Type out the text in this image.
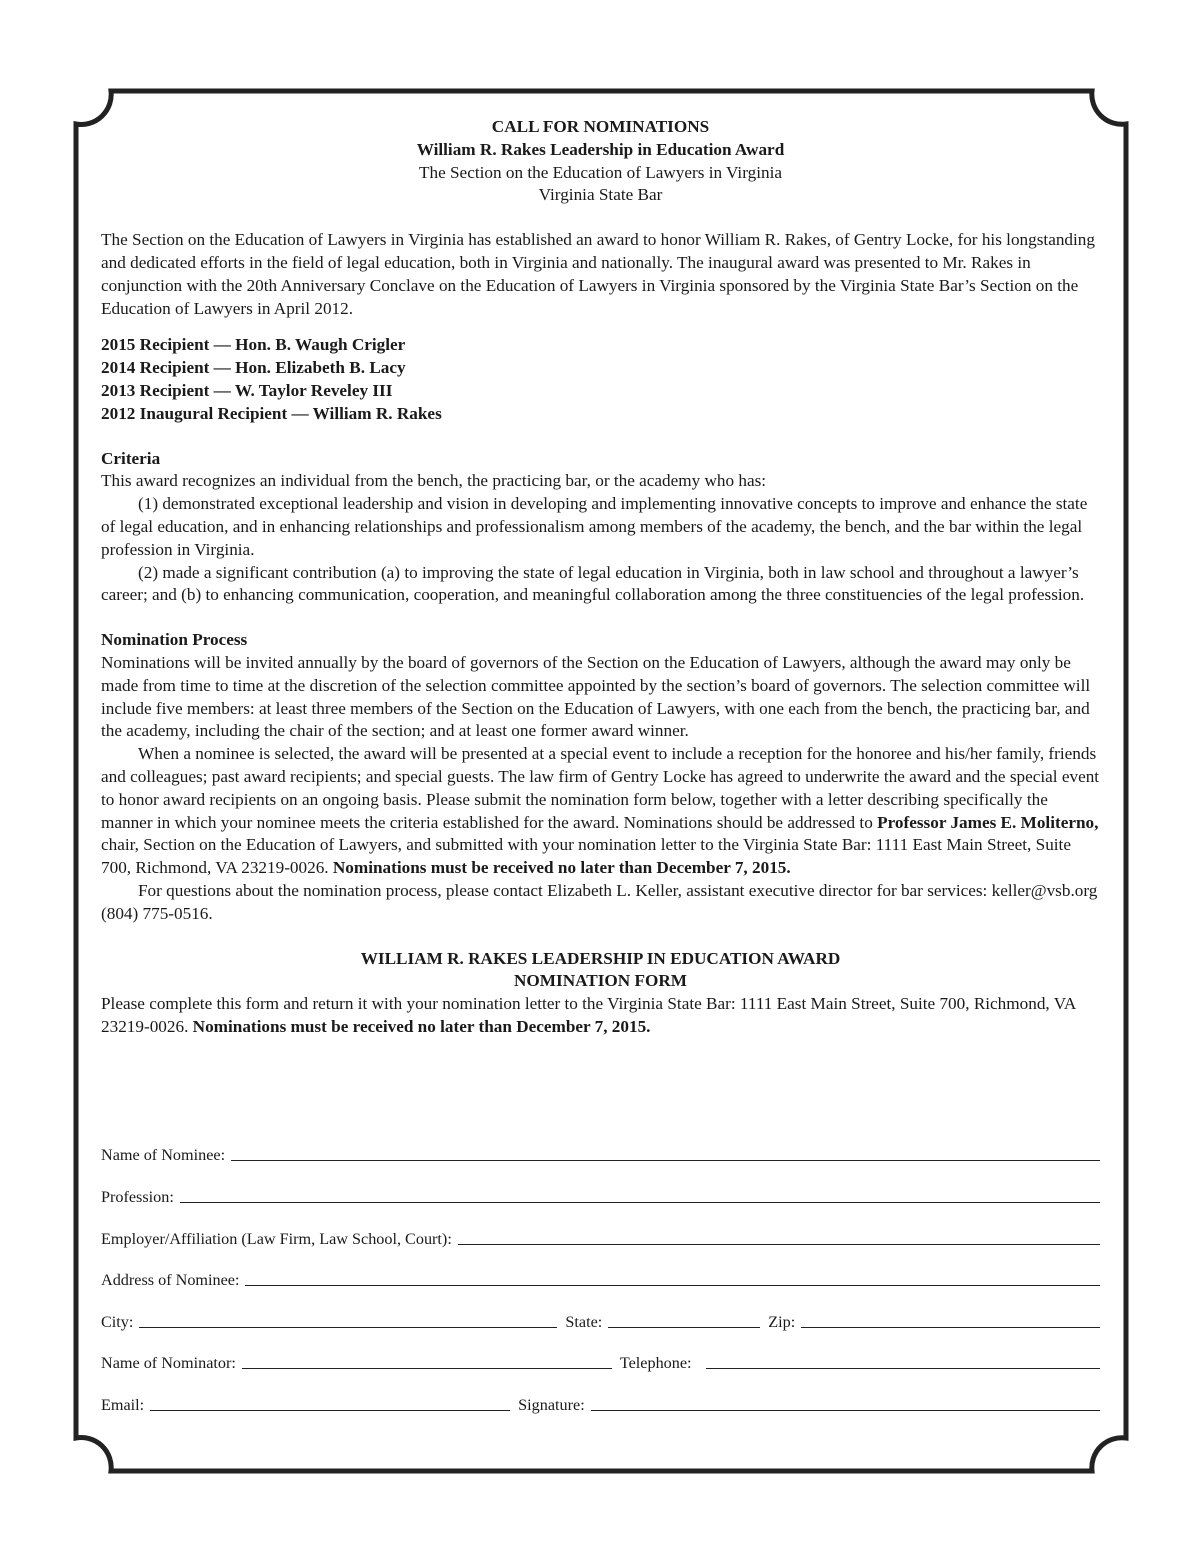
CALL FOR NOMINATIONS

William R. Rakes Leadership in Education Award

The Section on the Education of Lawyers in Virginia

Virginia State Bar

The Section on the Education of Lawyers in Virginia has established an award to honor William R. Rakes, of Gentry Locke, for his longstanding and dedicated efforts in the field of legal education, both in Virginia and nationally. The inaugural award was presented to Mr. Rakes in conjunction with the 20th Anniversary Conclave on the Education of Lawyers in Virginia sponsored by the Virginia State Bar’s Section on the Education of Lawyers in April 2012.

2015 Recipient — Hon. B. Waugh Crigler

2014 Recipient — Hon. Elizabeth B. Lacy

2013 Recipient — W. Taylor Reveley III

2012 Inaugural Recipient — William R. Rakes

Criteria

This award recognizes an individual from the bench, the practicing bar, or the academy who has:

(1) demonstrated exceptional leadership and vision in developing and implementing innovative concepts to improve and enhance the state of legal education, and in enhancing relationships and professionalism among members of the academy, the bench, and the bar within the legal profession in Virginia.

(2) made a significant contribution (a) to improving the state of legal education in Virginia, both in law school and throughout a lawyer’s career; and (b) to enhancing communication, cooperation, and meaningful collaboration among the three constituencies of the legal profession.

Nomination Process

Nominations will be invited annually by the board of governors of the Section on the Education of Lawyers, although the award may only be made from time to time at the discretion of the selection committee appointed by the section’s board of governors. The selection committee will include five members: at least three members of the Section on the Education of Lawyers, with one each from the bench, the practicing bar, and the academy, including the chair of the section; and at least one former award winner.

When a nominee is selected, the award will be presented at a special event to include a reception for the honoree and his/her family, friends and colleagues; past award recipients; and special guests. The law firm of Gentry Locke has agreed to underwrite the award and the special event to honor award recipients on an ongoing basis. Please submit the nomination form below, together with a letter describing specifically the manner in which your nominee meets the criteria established for the award. Nominations should be addressed to Professor James E. Moliterno, chair, Section on the Education of Lawyers, and submitted with your nomination letter to the Virginia State Bar: 1111 East Main Street, Suite 700, Richmond, VA 23219-0026. Nominations must be received no later than December 7, 2015.

For questions about the nomination process, please contact Elizabeth L. Keller, assistant executive director for bar services: keller@vsb.org (804) 775-0516.

WILLIAM R. RAKES LEADERSHIP IN EDUCATION AWARD

NOMINATION FORM

Please complete this form and return it with your nomination letter to the Virginia State Bar: 1111 East Main Street, Suite 700, Richmond, VA 23219-0026. Nominations must be received no later than December 7, 2015.

Name of Nominee:
Profession:
Employer/Affiliation (Law Firm, Law School, Court):
Address of Nominee:
City:	State:	Zip:
Name of Nominator:	Telephone:
Email:	Signature:
